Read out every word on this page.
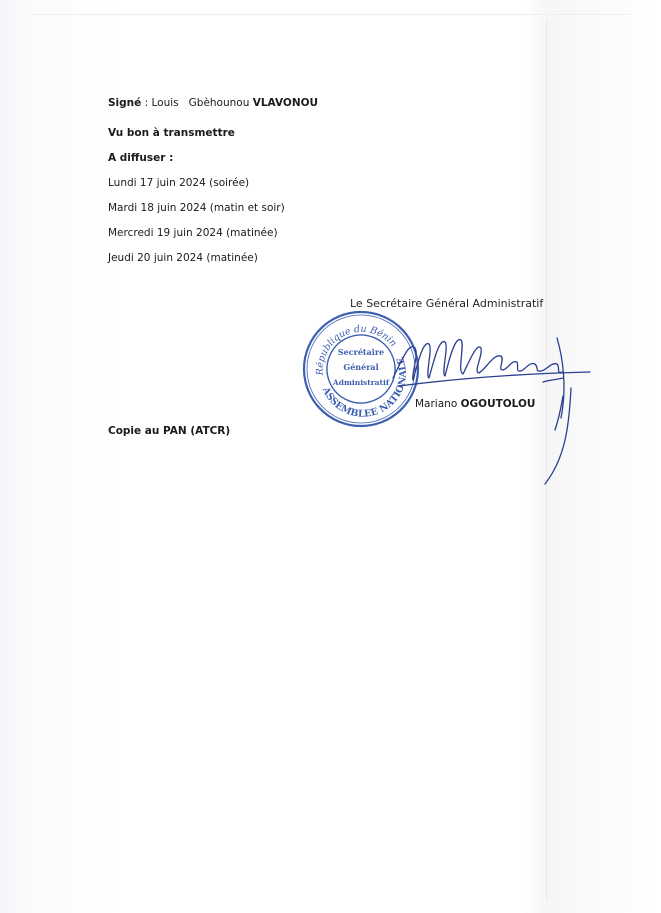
Signé : Louis   Gbèhounou VLAVONOU
Vu bon à transmettre
A diffuser :
Lundi 17 juin 2024 (soirée)
Mardi 18 juin 2024 (matin et soir)
Mercredi 19 juin 2024 (matinée)
Jeudi 20 juin 2024 (matinée)
Le Secrétaire Général Administratif
République du Bénin
ASSEMBLEE NATIONALE
Secrétaire
Général
Administratif
Mariano OGOUTOLOU
Copie au PAN (ATCR)
